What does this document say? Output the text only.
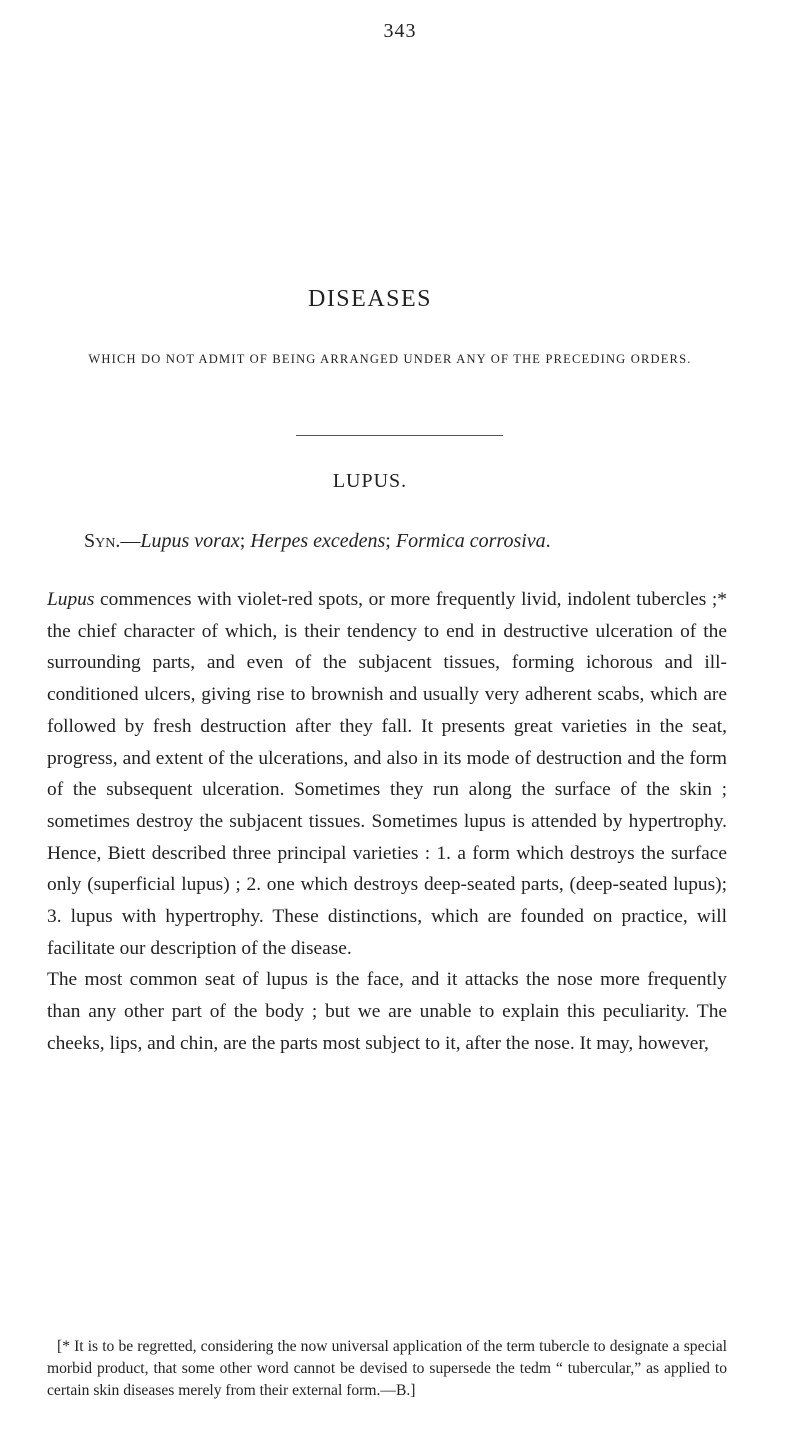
343
DISEASES
WHICH DO NOT ADMIT OF BEING ARRANGED UNDER ANY OF THE PRECEDING ORDERS.
LUPUS.
Syn.—Lupus vorax; Herpes excedens; Formica corrosiva.

Lupus commences with violet-red spots, or more frequently livid, indolent tubercles ;* the chief character of which, is their tendency to end in destructive ulceration of the surrounding parts, and even of the subjacent tissues, forming ichorous and ill-conditioned ulcers, giving rise to brownish and usually very adherent scabs, which are followed by fresh destruction after they fall. It presents great varieties in the seat, progress, and extent of the ulcerations, and also in its mode of destruction and the form of the subsequent ulceration. Sometimes they run along the surface of the skin ; sometimes destroy the subjacent tissues. Sometimes lupus is attended by hypertrophy. Hence, Biett described three principal varieties : 1. a form which destroys the surface only (superficial lupus) ; 2. one which destroys deep-seated parts, (deep-seated lupus); 3. lupus with hypertrophy. These distinctions, which are founded on practice, will facilitate our description of the disease.

The most common seat of lupus is the face, and it attacks the nose more frequently than any other part of the body ; but we are unable to explain this peculiarity. The cheeks, lips, and chin, are the parts most subject to it, after the nose. It may, however,

[* It is to be regretted, considering the now universal application of the term tubercle to designate a special morbid product, that some other word cannot be devised to supersede the tedm “ tubercular,” as applied to certain skin diseases merely from their external form.—B.]
